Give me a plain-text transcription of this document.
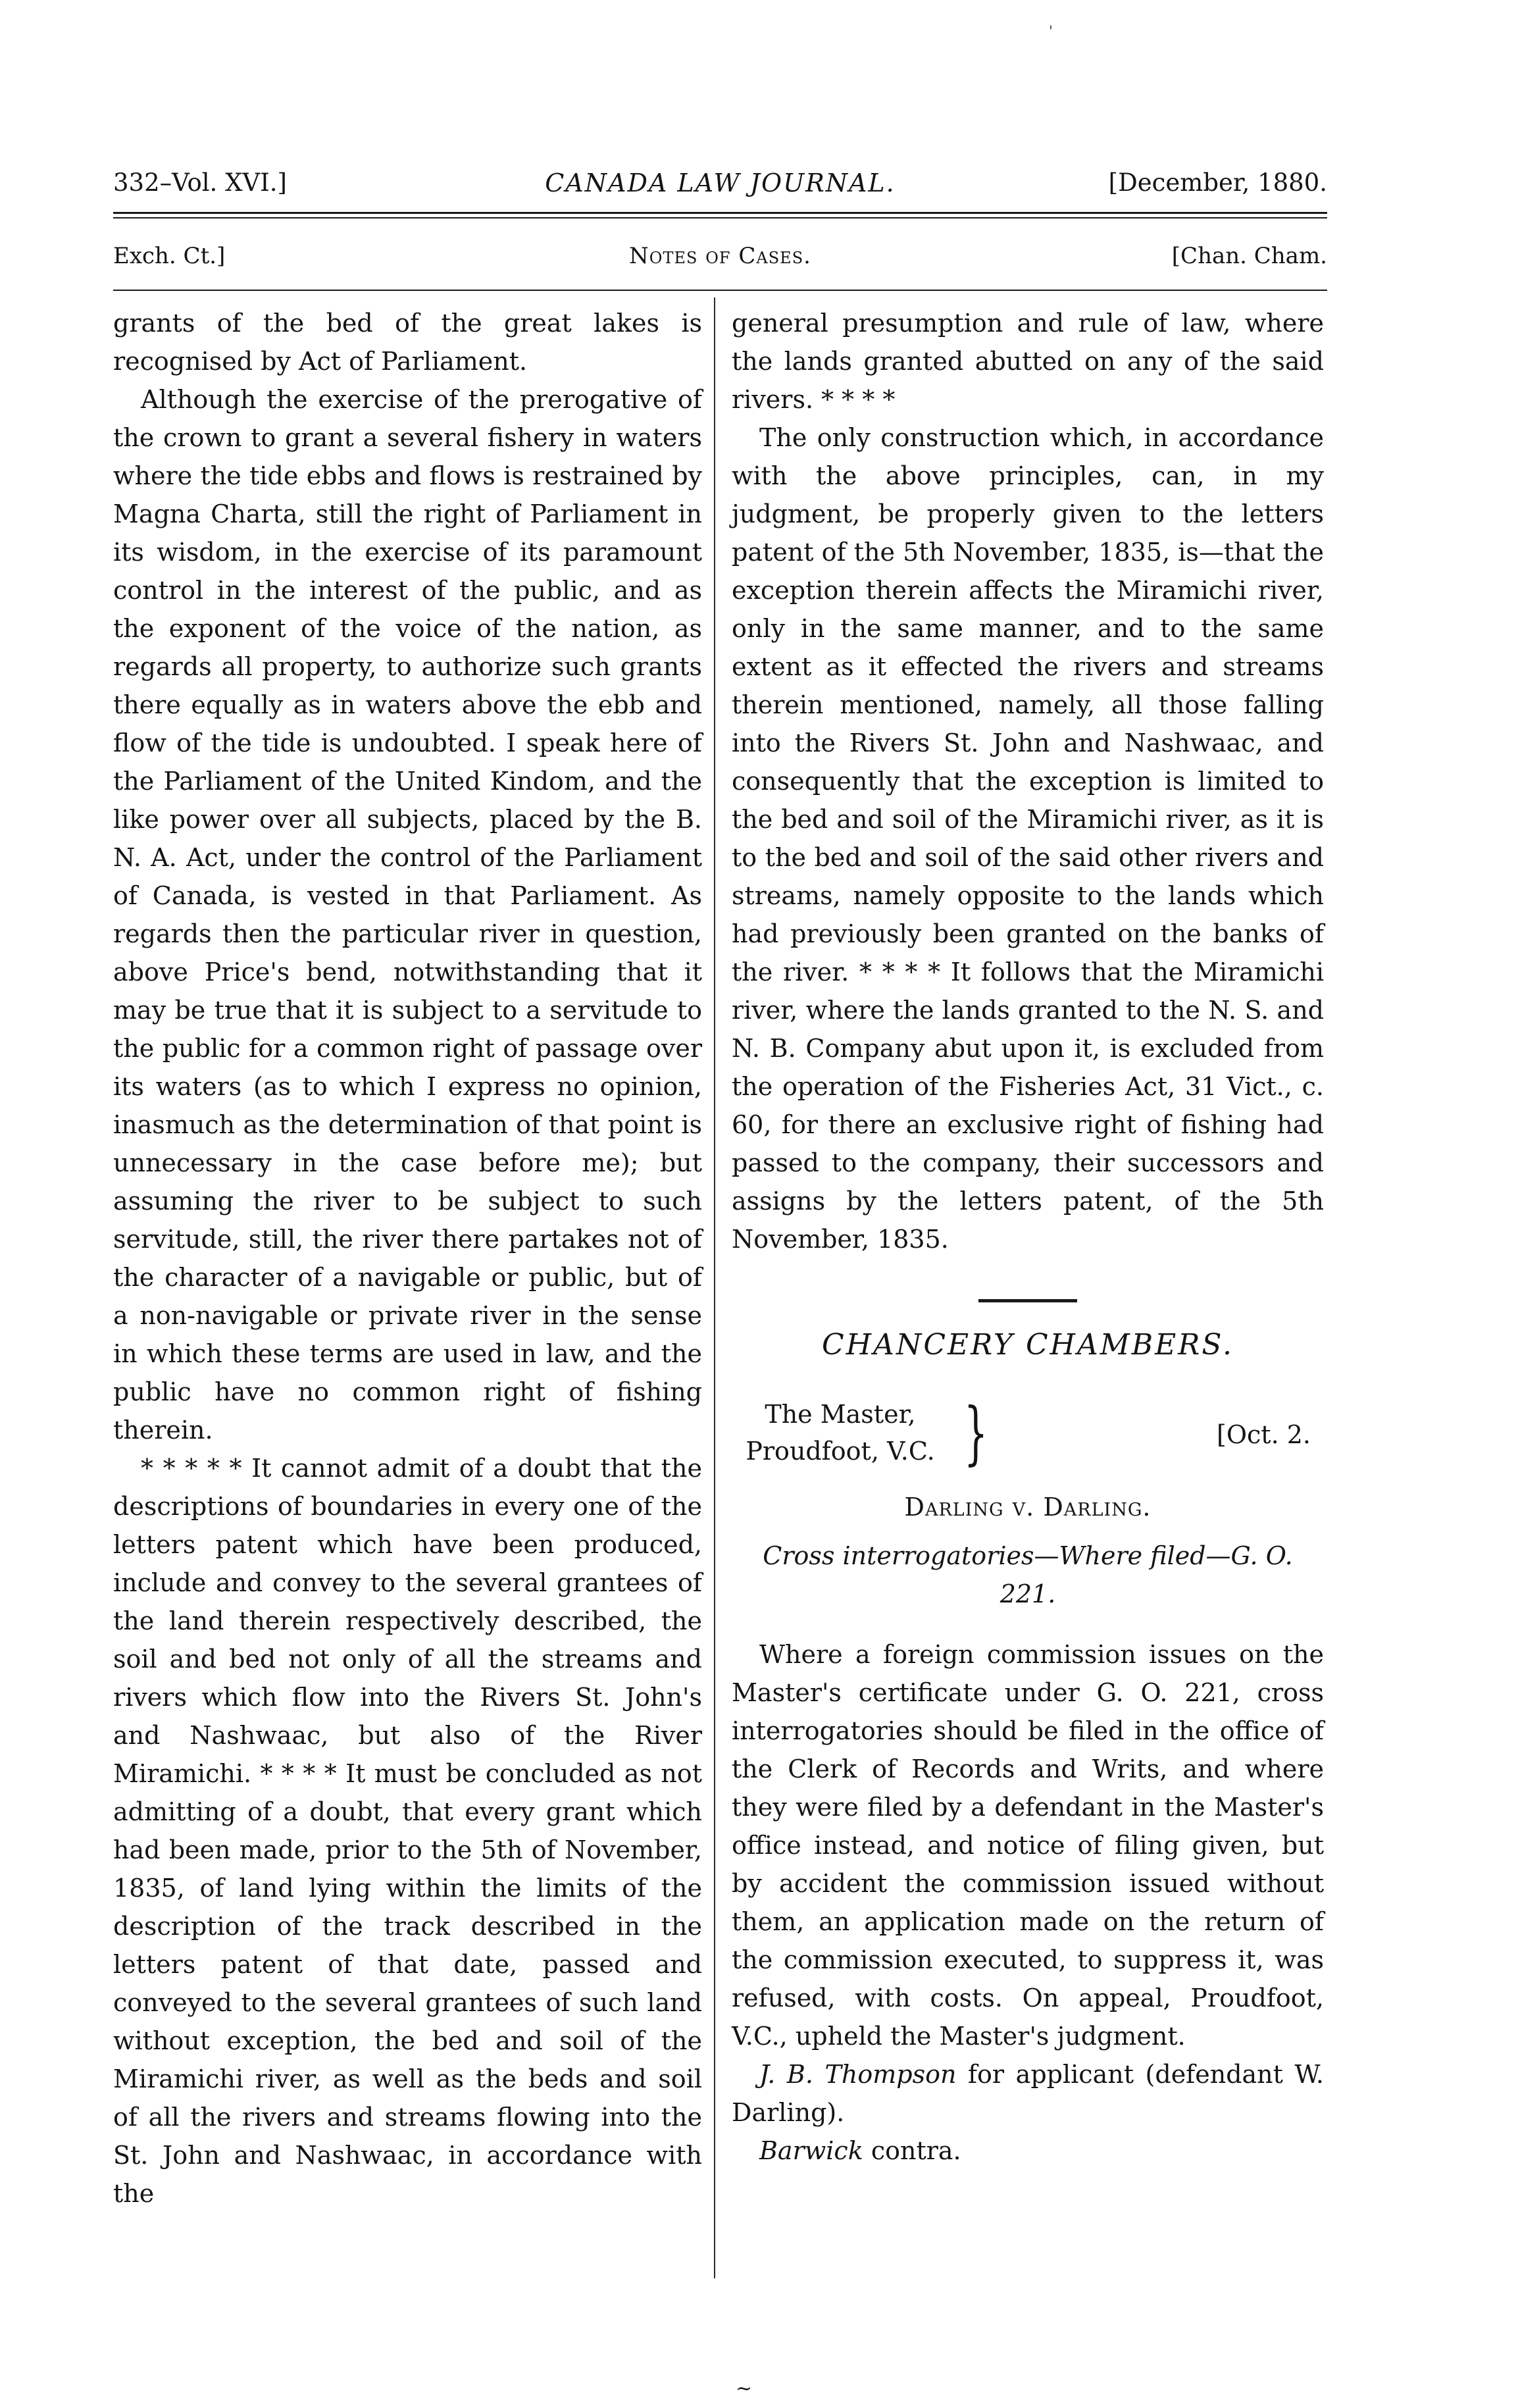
'
332–Vol. XVI.]	CANADA LAW JOURNAL.	[December, 1880.
Exch. Ct.]	Notes of Cases.	[Chan. Cham.

grants of the bed of the great lakes is recognised by Act of Parliament.

Although the exercise of the prerogative of the crown to grant a several fishery in waters where the tide ebbs and flows is restrained by Magna Charta, still the right of Parliament in its wisdom, in the exercise of its paramount control in the interest of the public, and as the exponent of the voice of the nation, as regards all property, to authorize such grants there equally as in waters above the ebb and flow of the tide is undoubted. I speak here of the Parliament of the United Kindom, and the like power over all subjects, placed by the B. N. A. Act, under the control of the Parliament of Canada, is vested in that Parliament. As regards then the particular river in question, above Price's bend, notwithstanding that it may be true that it is subject to a servitude to the public for a common right of passage over its waters (as to which I express no opinion, inasmuch as the determination of that point is unnecessary in the case before me); but assuming the river to be subject to such servitude, still, the river there partakes not of the character of a navigable or public, but of a non-navigable or private river in the sense in which these terms are used in law, and the public have no common right of fishing therein.

* * * * * It cannot admit of a doubt that the descriptions of boundaries in every one of the letters patent which have been produced, include and convey to the several grantees of the land therein respectively described, the soil and bed not only of all the streams and rivers which flow into the Rivers St. John's and Nashwaac, but also of the River Miramichi. * * * * It must be concluded as not admitting of a doubt, that every grant which had been made, prior to the 5th of November, 1835, of land lying within the limits of the description of the track described in the letters patent of that date, passed and conveyed to the several grantees of such land without exception, the bed and soil of the Miramichi river, as well as the beds and soil of all the rivers and streams flowing into the St. John and Nashwaac, in accordance with the

general presumption and rule of law, where the lands granted abutted on any of the said rivers. * * * *

The only construction which, in accordance with the above principles, can, in my judgment, be properly given to the letters patent of the 5th November, 1835, is—that the exception therein affects the Miramichi river, only in the same manner, and to the same extent as it effected the rivers and streams therein mentioned, namely, all those falling into the Rivers St. John and Nashwaac, and consequently that the exception is limited to the bed and soil of the Miramichi river, as it is to the bed and soil of the said other rivers and streams, namely opposite to the lands which had previously been granted on the banks of the river. * * * * It follows that the Miramichi river, where the lands granted to the N. S. and N. B. Company abut upon it, is excluded from the operation of the Fisheries Act, 31 Vict., c. 60, for there an exclusive right of fishing had passed to the company, their successors and assigns by the letters patent, of the 5th November, 1835.

CHANCERY CHAMBERS.
The Master,
Proudfoot, V.C. }	[Oct. 2.
Darling v. Darling.
Cross interrogatories—Where filed—G. O. 221.

Where a foreign commission issues on the Master's certificate under G. O. 221, cross interrogatories should be filed in the office of the Clerk of Records and Writs, and where they were filed by a defendant in the Master's office instead, and notice of filing given, but by accident the commission issued without them, an application made on the return of the commission executed, to suppress it, was refused, with costs. On appeal, Proudfoot, V.C., upheld the Master's judgment.

J. B. Thompson for applicant (defendant W. Darling).

Barwick contra.

~
